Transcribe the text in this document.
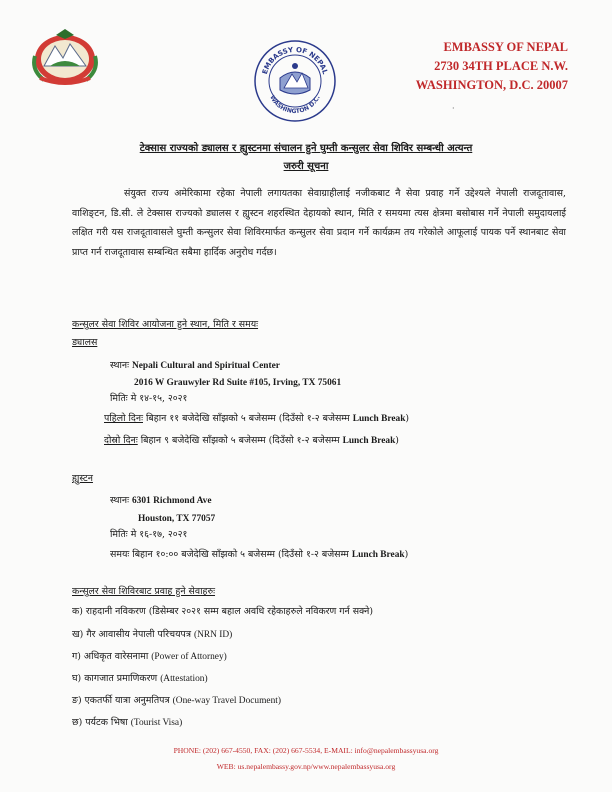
EMBASSY OF NEPAL
WASHINGTON D.C.
EMBASSY OF NEPAL
2730 34TH PLACE N.W.
WASHINGTON, D.C. 20007
·
टेक्सास राज्यको ड्यालस र ह्युस्टनमा संचालन हुने घुम्ती कन्सुलर सेवा शिविर सम्बन्धी अत्यन्त
जरुरी सूचना

संयुक्त राज्य अमेरिकामा रहेका नेपाली लगायतका सेवाग्राहीलाई नजीकबाट नै सेवा प्रवाह गर्ने उद्देश्यले नेपाली राजदूतावास, वाशिङ्टन, डि.सी. ले टेक्सास राज्यको ड्यालस र ह्युस्टन शहरस्थित देहायको स्थान, मिति र समयमा त्यस क्षेत्रमा बसोबास गर्ने नेपाली समुदायलाई लक्षित गरी यस राजदूतावासले घुम्ती कन्सुलर सेवा शिविरमार्फत कन्सुलर सेवा प्रदान गर्ने कार्यक्रम तय गरेकोले आफूलाई पायक पर्ने स्थानबाट सेवा प्राप्त गर्न राजदूतावास सम्बन्धित सबैमा हार्दिक अनुरोध गर्दछ।

कन्सुलर सेवा शिविर आयोजना हुने स्थान, मिति र समयः
ड्यालस
स्थानः Nepali Cultural and Spiritual Center
2016 W Grauwyler Rd Suite #105, Irving, TX 75061
मितिः मे १४-१५, २०२१
पहिलो दिनः बिहान ११ बजेदेखि साँझको ५ बजेसम्म (दिउँसो १-२ बजेसम्म Lunch Break)
दोस्रो दिनः बिहान ९ बजेदेखि साँझको ५ बजेसम्म (दिउँसो १-२ बजेसम्म Lunch Break)
ह्युस्टन
स्थानः 6301 Richmond Ave
Houston, TX 77057
मितिः मे १६-१७, २०२१
समयः बिहान १०:०० बजेदेखि साँझको ५ बजेसम्म (दिउँसो १-२ बजेसम्म Lunch Break)
कन्सुलर सेवा शिविरबाट प्रवाह हुने सेवाहरुः
क) राहदानी नविकरण (डिसेम्बर २०२१ सम्म बहाल अवधि रहेकाहरुले नविकरण गर्न सक्ने)
ख) गैर आवासीय नेपाली परिचयपत्र (NRN ID)
ग) अधिकृत वारेसनामा (Power of Attorney)
घ) कागजात प्रमाणिकरण (Attestation)
ङ) एकतर्फी यात्रा अनुमतिपत्र (One-way Travel Document)
छ) पर्यटक भिषा (Tourist Visa)
PHONE: (202) 667-4550, FAX: (202) 667-5534, E-MAIL: info@nepalembassyusa.org
WEB: us.nepalembassy.gov.np/www.nepalembassyusa.org
